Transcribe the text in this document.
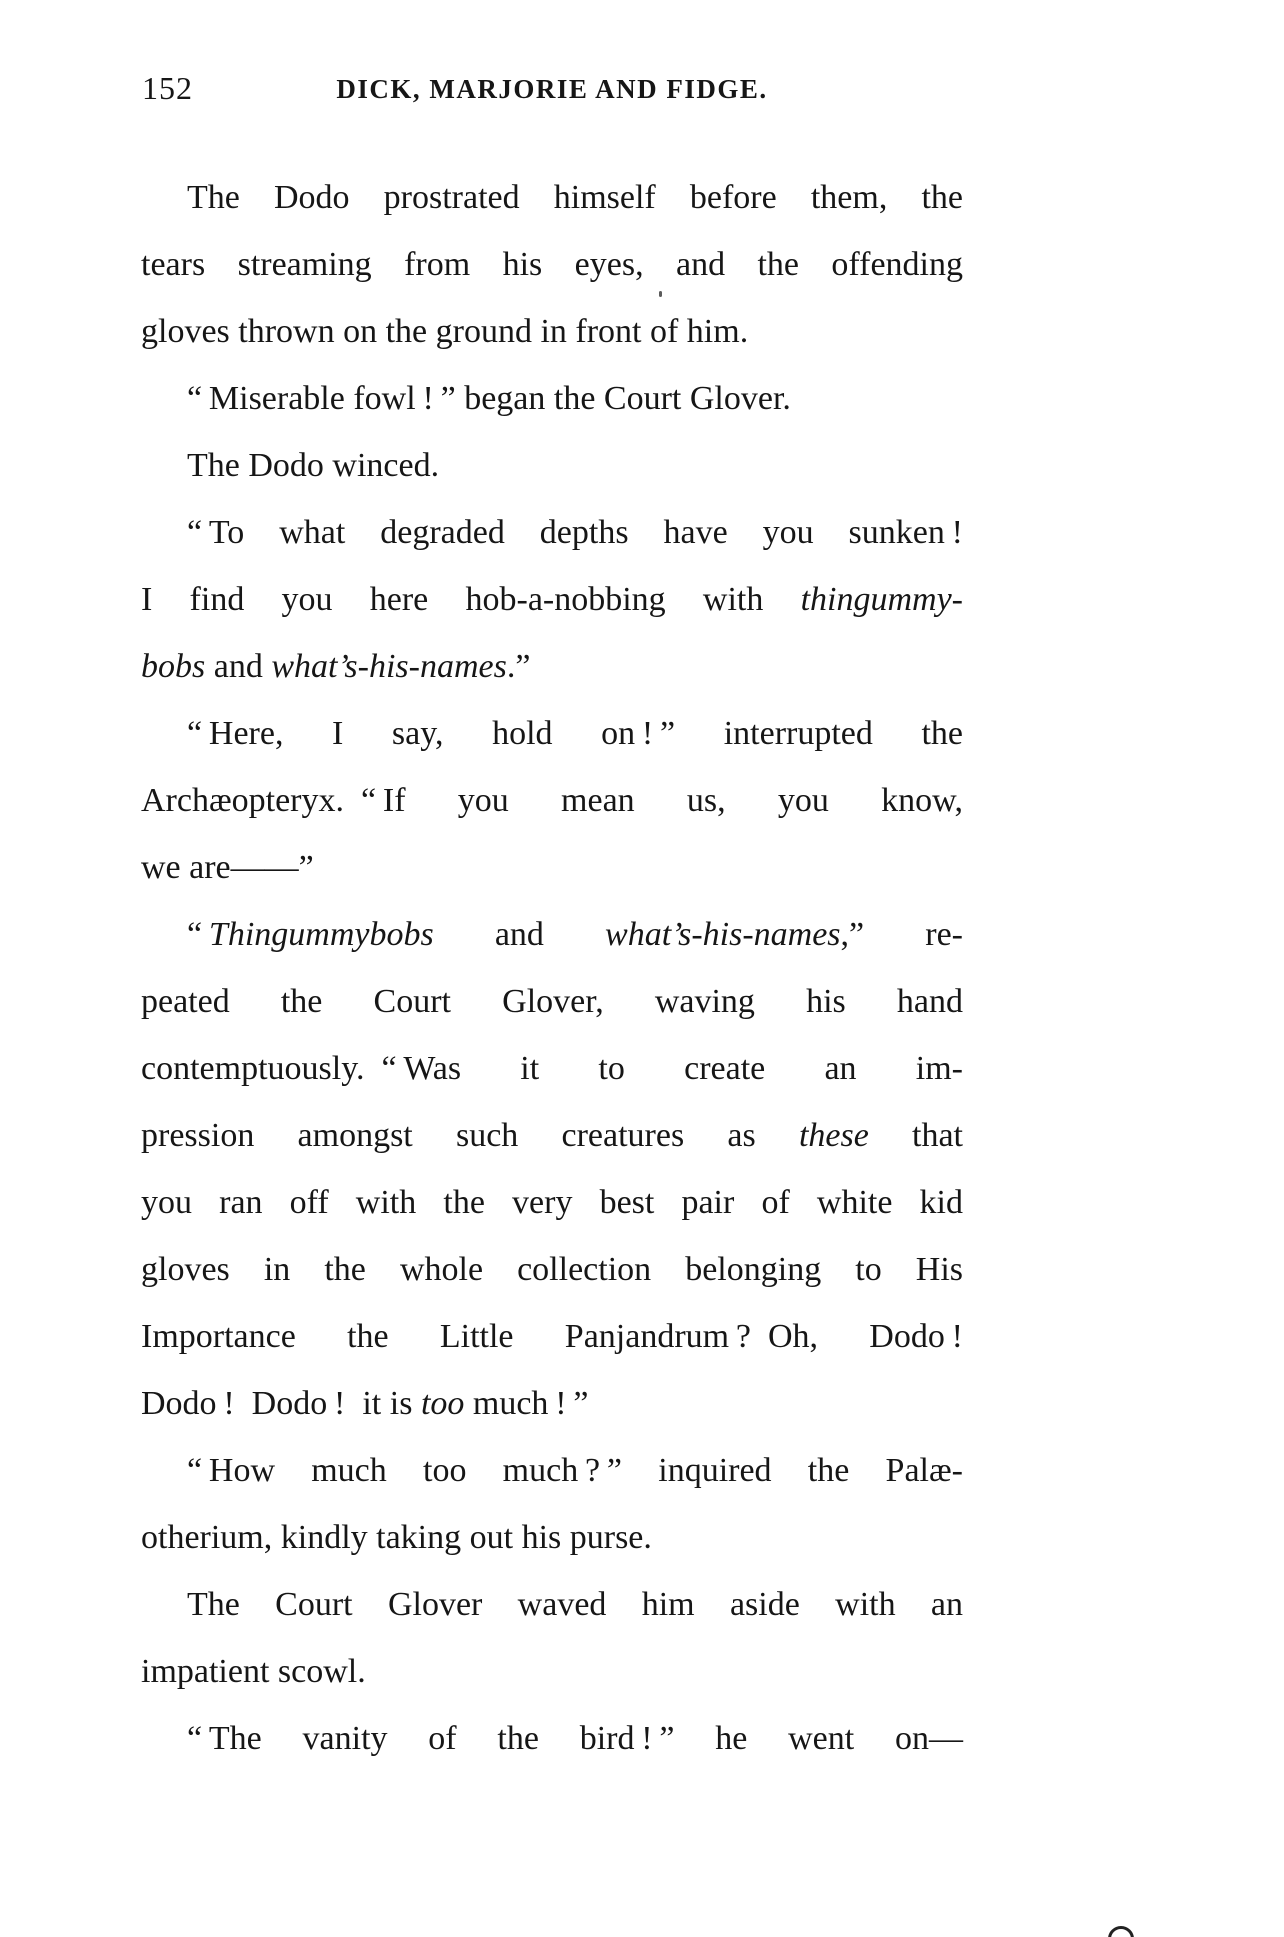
152	DICK, MARJORIE AND FIDGE.
The Dodo prostrated himself before them, the
tears streaming from his eyes, and the offending
gloves thrown on the ground in front of him.
“ Miserable fowl ! ” began the Court Glover.
The Dodo winced.
“ To what degraded depths have you sunken !
I find you here hob-a-nobbing with thingummy-
bobs and what’s-his-names.”
“ Here, I say, hold on ! ” interrupted the
Archæopteryx. “ If you mean us, you know,
we are——”
“ Thingummybobs and what’s-his-names,” re-
peated the Court Glover, waving his hand
contemptuously. “ Was it to create an im-
pression amongst such creatures as these that
you ran off with the very best pair of white kid
gloves in the whole collection belonging to His
Importance the Little Panjandrum ? Oh, Dodo !
Dodo ! Dodo ! it is too much ! ”
“ How much too much ? ” inquired the Palæ-
otherium, kindly taking out his purse.
The Court Glover waved him aside with an
impatient scowl.
“ The vanity of the bird ! ” he went on—
